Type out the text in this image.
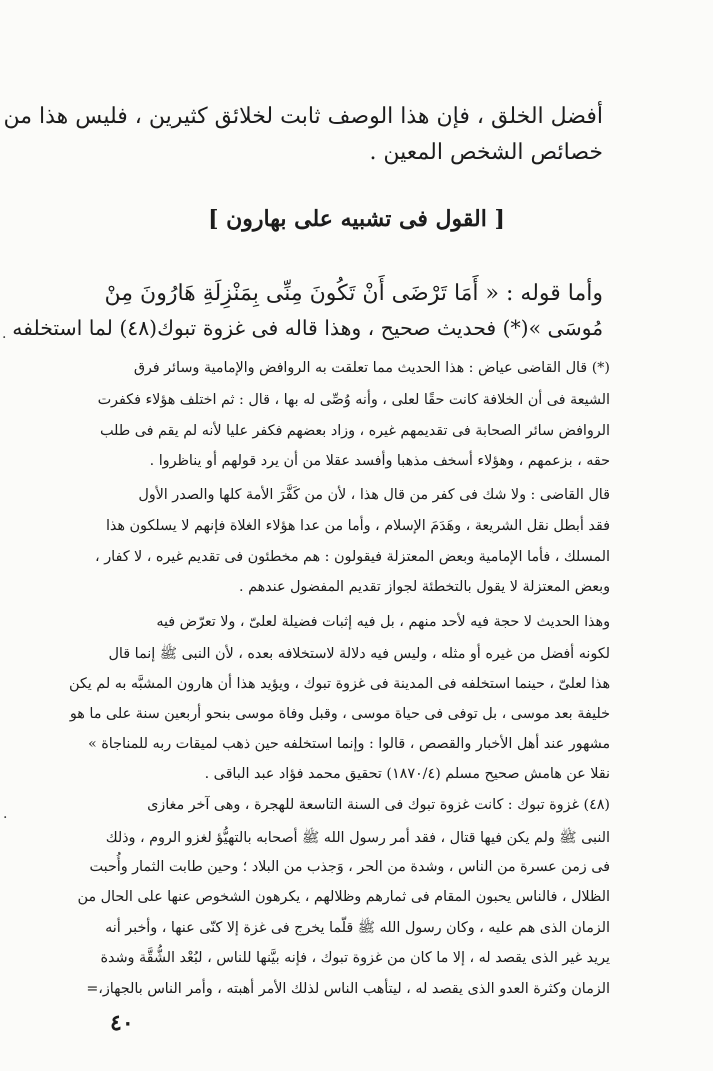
أفضل الخلق ، فإن هذا الوصف ثابت لخلائق كثيرين ، فليس هذا من
خصائص الشخص المعين .
[ القول فى تشبيه على بهارون ]
وأما قوله : « أَمَا تَرْضَى أَنْ تَكُونَ مِنِّى بِمَنْزِلَةِ هَارُونَ مِنْ
مُوسَى »(*) فحديث صحيح ، وهذا قاله فى غزوة تبوك(٤٨) لما استخلفه
(*) قال القاضى عياض : هذا الحديث مما تعلقت به الروافض والإمامية وسائر فرق
الشيعة فى أن الخلافة كانت حقًا لعلى ، وأنه وُصِّى له بها ، قال : ثم اختلف هؤلاء فكفرت
الروافض سائر الصحابة فى تقديمهم غيره ، وزاد بعضهم فكفر عليا لأنه لم يقم فى طلب
حقه ، بزعمهم ، وهؤلاء أسخف مذهبا وأفسد عقلا من أن يرد قولهم أو يناظروا .
قال القاضى : ولا شك فى كفر من قال هذا ، لأن من كَفَّرَ الأمة كلها والصدر الأول
فقد أبطل نقل الشريعة ، وهَدَمَ الإسلام ، وأما من عدا هؤلاء الغلاة فإنهم لا يسلكون هذا
المسلك ، فأما الإمامية وبعض المعتزلة فيقولون : هم مخطئون فى تقديم غيره ، لا كفار ،
وبعض المعتزلة لا يقول بالتخطئة لجواز تقديم المفضول عندهم .
وهذا الحديث لا حجة فيه لأحد منهم ، بل فيه إثبات فضيلة لعلىّ ، ولا تعرّض فيه
لكونه أفضل من غيره أو مثله ، وليس فيه دلالة لاستخلافه بعده ، لأن النبى ﷺ إنما قال
هذا لعلىّ ، حينما استخلفه فى المدينة فى غزوة تبوك ، ويؤيد هذا أن هارون المشبَّه به لم يكن
خليفة بعد موسى ، بل توفى فى حياة موسى ، وقبل وفاة موسى بنحو أربعين سنة على ما هو
مشهور عند أهل الأخبار والقصص ، قالوا : وإنما استخلفه حين ذهب لميقات ربه للمناجاة »
نقلا عن هامش صحيح مسلم (١٨٧٠/٤) تحقيق محمد فؤاد عبد الباقى .
(٤٨) غزوة تبوك : كانت غزوة تبوك فى السنة التاسعة للهجرة ، وهى آخر مغازى
النبى ﷺ ولم يكن فيها قتال ، فقد أمر رسول الله ﷺ أصحابه بالتهيُّؤ لغزو الروم ، وذلك
فى زمن عسرة من الناس ، وشدة من الحر ، وَجذب من البلاد ؛ وحين طابت الثمار وأُحبت
الظلال ، فالناس يحبون المقام فى ثمارهم وظلالهم ، يكرهون الشخوص عنها على الحال من
الزمان الذى هم عليه ، وكان رسول الله ﷺ قلّما يخرج فى غزة إلا كنّى عنها ، وأخبر أنه
يريد غير الذى يقصد له ، إلا ما كان من غزوة تبوك ، فإنه بيَّنها للناس ، لبُعْد الشُّقَّة وشدة
الزمان وكثرة العدو الذى يقصد له ، ليتأهب الناس لذلك الأمر أهبته ، وأمر الناس بالجهاز،=
٤٠
·
·
